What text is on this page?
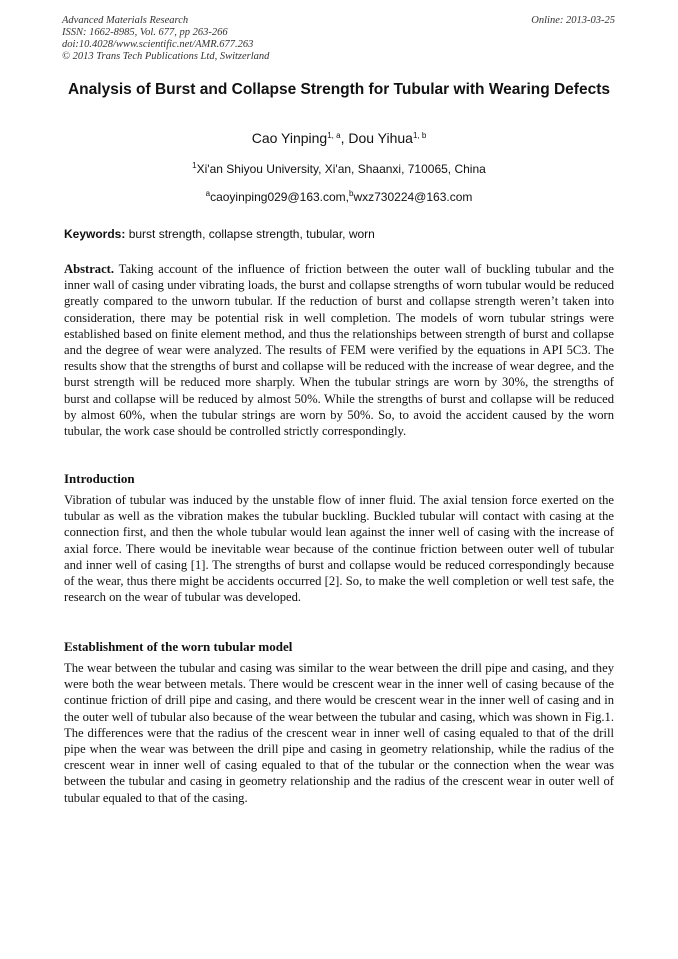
Advanced Materials Research
ISSN: 1662-8985, Vol. 677, pp 263-266
doi:10.4028/www.scientific.net/AMR.677.263
© 2013 Trans Tech Publications Ltd, Switzerland
Online: 2013-03-25
Analysis of Burst and Collapse Strength for Tubular with Wearing Defects
Cao Yinping$^{1, a}$, Dou Yihua$^{1, b}$
$^1$Xi'an Shiyou University, Xi'an, Shaanxi, 710065, China
$^a$caoyinping029@163.com,$^b$wxz730224@163.com
Keywords: burst strength, collapse strength, tubular, worn

Abstract. Taking account of the influence of friction between the outer wall of buckling tubular and the inner wall of casing under vibrating loads, the burst and collapse strengths of worn tubular would be reduced greatly compared to the unworn tubular. If the reduction of burst and collapse strength weren’t taken into consideration, there may be potential risk in well completion. The models of worn tubular strings were established based on finite element method, and thus the relationships between strength of burst and collapse and the degree of wear were analyzed. The results of FEM were verified by the equations in API 5C3. The results show that the strengths of burst and collapse will be reduced with the increase of wear degree, and the burst strength will be reduced more sharply. When the tubular strings are worn by 30%, the strengths of burst and collapse will be reduced by almost 50%. While the strengths of burst and collapse will be reduced by almost 60%, when the tubular strings are worn by 50%. So, to avoid the accident caused by the worn tubular, the work case should be controlled strictly correspondingly.

Introduction

Vibration of tubular was induced by the unstable flow of inner fluid. The axial tension force exerted on the tubular as well as the vibration makes the tubular buckling. Buckled tubular will contact with casing at the connection first, and then the whole tubular would lean against the inner well of casing with the increase of axial force. There would be inevitable wear because of the continue friction between outer well of tubular and inner well of casing [1]. The strengths of burst and collapse would be reduced correspondingly because of the wear, thus there might be accidents occurred [2]. So, to make the well completion or well test safe, the research on the wear of tubular was developed.

Establishment of the worn tubular model

The wear between the tubular and casing was similar to the wear between the drill pipe and casing, and they were both the wear between metals. There would be crescent wear in the inner well of casing because of the continue friction of drill pipe and casing, and there would be crescent wear in the inner well of casing and in the outer well of tubular also because of the wear between the tubular and casing, which was shown in Fig.1. The differences were that the radius of the crescent wear in inner well of casing equaled to that of the drill pipe when the wear was between the drill pipe and casing in geometry relationship, while the radius of the crescent wear in inner well of casing equaled to that of the tubular or the connection when the wear was between the tubular and casing in geometry relationship and the radius of the crescent wear in outer well of tubular equaled to that of the casing.
